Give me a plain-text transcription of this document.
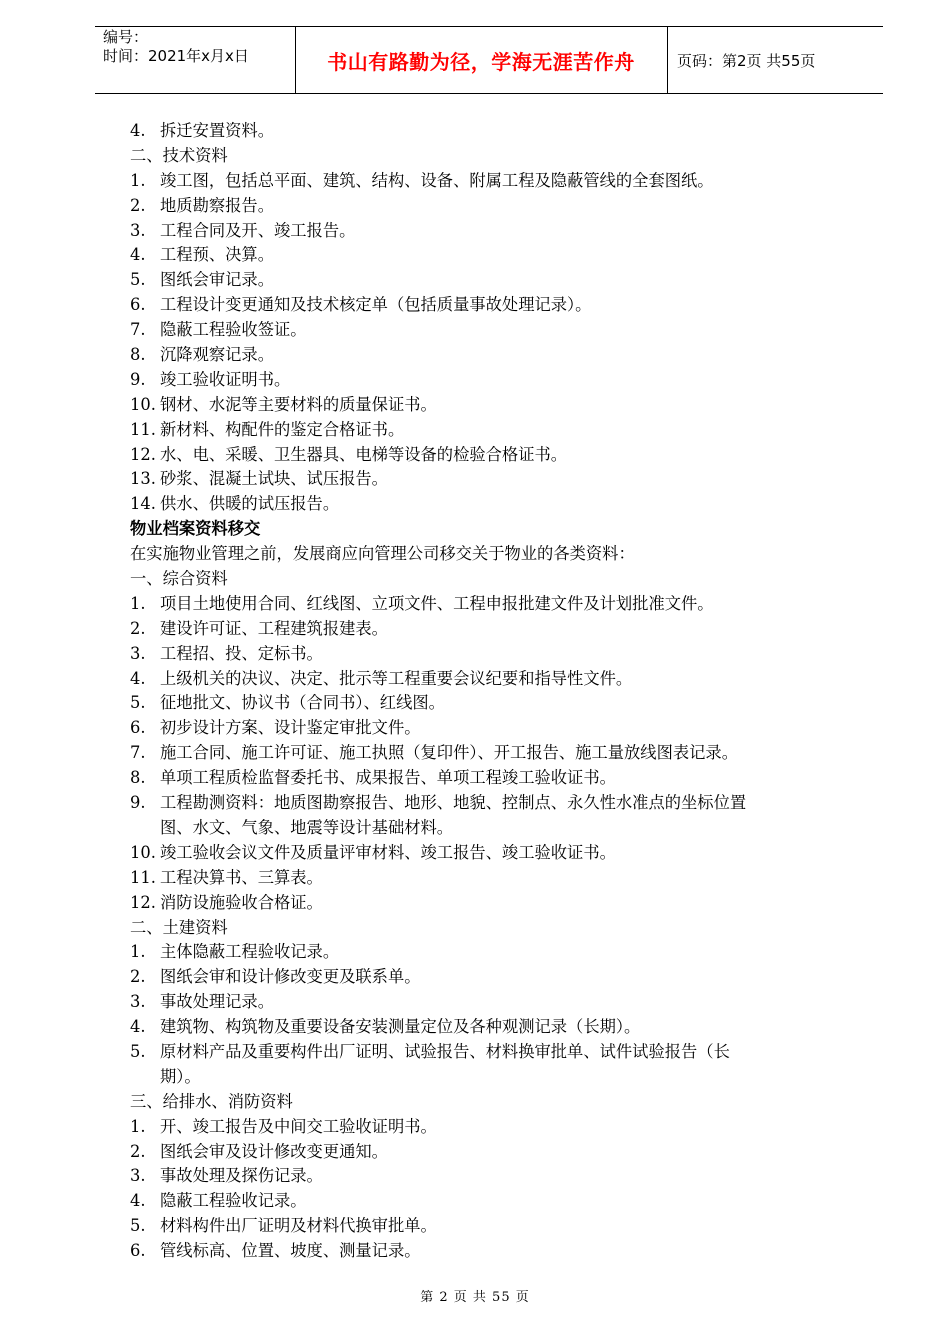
编号：
时间：2021年x月x日	书山有路勤为径，学海无涯苦作舟	页码：第2页 共55页
4. 拆迁安置资料。
二、技术资料
1. 竣工图，包括总平面、建筑、结构、设备、附属工程及隐蔽管线的全套图纸。
2. 地质勘察报告。
3. 工程合同及开、竣工报告。
4. 工程预、决算。
5. 图纸会审记录。
6. 工程设计变更通知及技术核定单（包括质量事故处理记录）。
7. 隐蔽工程验收签证。
8. 沉降观察记录。
9. 竣工验收证明书。
10. 钢材、水泥等主要材料的质量保证书。
11. 新材料、构配件的鉴定合格证书。
12. 水、电、采暖、卫生器具、电梯等设备的检验合格证书。
13. 砂浆、混凝土试块、试压报告。
14. 供水、供暖的试压报告。
物业档案资料移交
在实施物业管理之前，发展商应向管理公司移交关于物业的各类资料：
一、综合资料
1. 项目土地使用合同、红线图、立项文件、工程申报批建文件及计划批准文件。
2. 建设许可证、工程建筑报建表。
3. 工程招、投、定标书。
4. 上级机关的决议、决定、批示等工程重要会议纪要和指导性文件。
5. 征地批文、协议书（合同书）、红线图。
6. 初步设计方案、设计鉴定审批文件。
7. 施工合同、施工许可证、施工执照（复印件）、开工报告、施工量放线图表记录。
8. 单项工程质检监督委托书、成果报告、单项工程竣工验收证书。
9. 工程勘测资料：地质图勘察报告、地形、地貌、控制点、永久性水准点的坐标位置
图、水文、气象、地震等设计基础材料。
10. 竣工验收会议文件及质量评审材料、竣工报告、竣工验收证书。
11. 工程决算书、三算表。
12. 消防设施验收合格证。
二、土建资料
1. 主体隐蔽工程验收记录。
2. 图纸会审和设计修改变更及联系单。
3. 事故处理记录。
4. 建筑物、构筑物及重要设备安装测量定位及各种观测记录（长期）。
5. 原材料产品及重要构件出厂证明、试验报告、材料换审批单、试件试验报告（长
期）。
三、给排水、消防资料
1. 开、竣工报告及中间交工验收证明书。
2. 图纸会审及设计修改变更通知。
3. 事故处理及探伤记录。
4. 隐蔽工程验收记录。
5. 材料构件出厂证明及材料代换审批单。
6. 管线标高、位置、坡度、测量记录。
第 2 页 共 55 页
